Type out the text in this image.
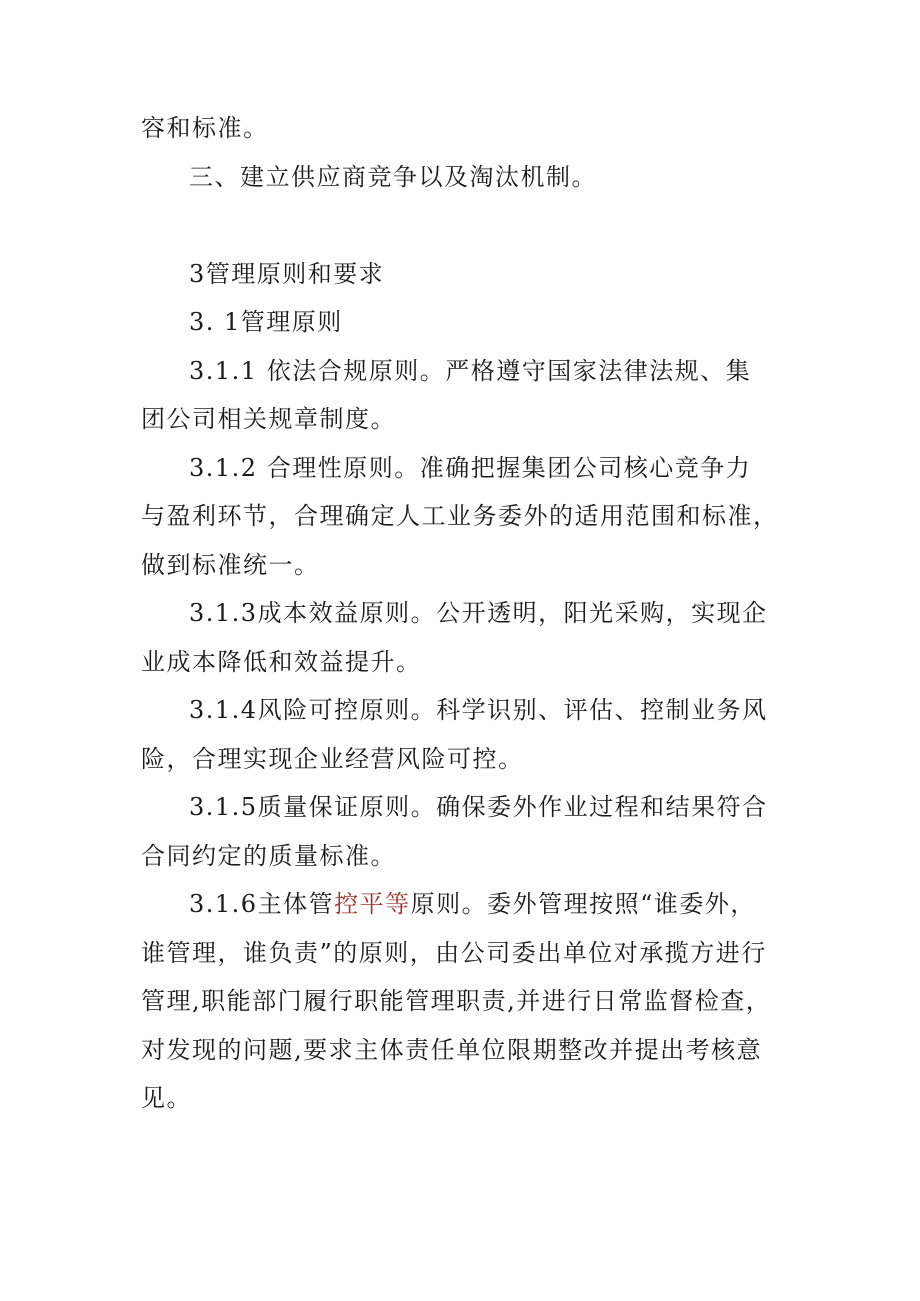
容和标准。
三、建立供应商竞争以及淘汰机制。
3管理原则和要求
3. 1管理原则
3.1.1 依法合规原则。严格遵守国家法律法规、集
团公司相关规章制度。
3.1.2 合理性原则。准确把握集团公司核心竞争力
与盈利环节，合理确定人工业务委外的适用范围和标准，
做到标准统一。
3.1.3成本效益原则。公开透明，阳光采购，实现企
业成本降低和效益提升。
3.1.4风险可控原则。科学识别、评估、控制业务风
险，合理实现企业经营风险可控。
3.1.5质量保证原则。确保委外作业过程和结果符合
合同约定的质量标准。
3.1.6主体管控平等原则。委外管理按照“谁委外，
谁管理，谁负责”的原则，由公司委出单位对承揽方进行
管理,职能部门履行职能管理职责,并进行日常监督检查，
对发现的问题,要求主体责任单位限期整改并提出考核意
见。
